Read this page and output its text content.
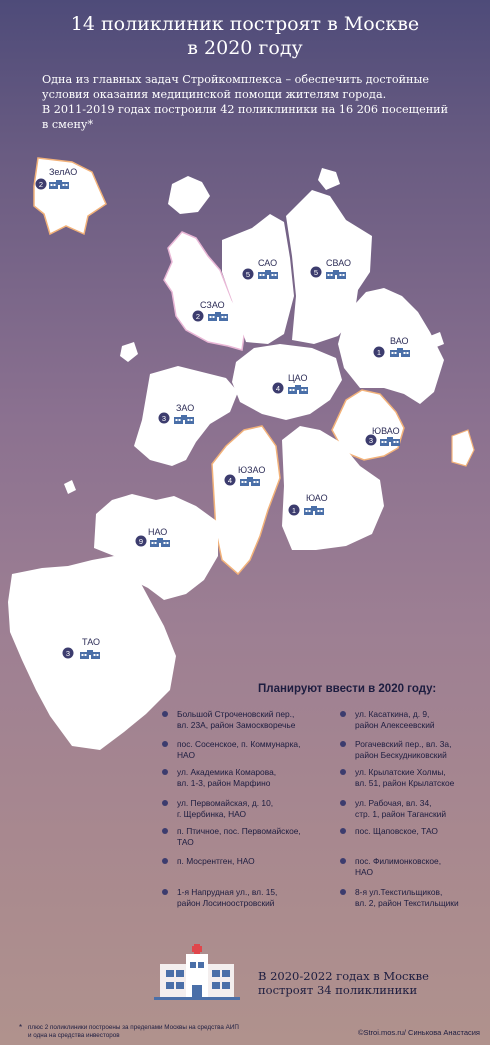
14 поликлиник построят в Москве
в 2020 году
Одна из главных задач Стройкомплекса – обеспечить достойные
условия оказания медицинской помощи жителям города.
В 2011-2019 годах построили 42 поликлиники на 16 206 посещений
в смену*
2
ЗелАО
5
САО
5
СВАО
2
СЗАО
1
ВАО
4
ЦАО
3
ЗАО
3
ЮВАО
4
ЮЗАО
1
ЮАО
9
НАО
3
ТАО
Планируют ввести в 2020 году:
Большой Строченовский пер.,
вл. 23А, район Замоскворечье
пос. Сосенское, п. Коммунарка,
НАО
ул. Академика Комарова,
вл. 1-3, район Марфино
ул. Первомайская, д. 10,
г. Щербинка, НАО
п. Птичное, пос. Первомайское,
ТАО
п. Мосрентген, НАО
1-я Напрудная ул., вл. 15,
район Лосиноостровский
ул. Касаткина, д. 9,
район Алексеевский
Рогачевский пер., вл. 3а,
район Бескудниковский
ул. Крылатские Холмы,
вл. 51, район Крылатское
ул. Рабочая, вл. 34,
стр. 1, район Таганский
пос. Щаповское, ТАО
пос. Филимонковское,
НАО
8-я ул.Текстильщиков,
вл. 2, район Текстильщики
В 2020-2022 годах в Москве
построят 34 поликлиники
* плюс 2 поликлиники построены за пределами Москвы на средства АИП
и одна на средства инвесторов	©Stroi.mos.ru/ Синькова Анастасия
